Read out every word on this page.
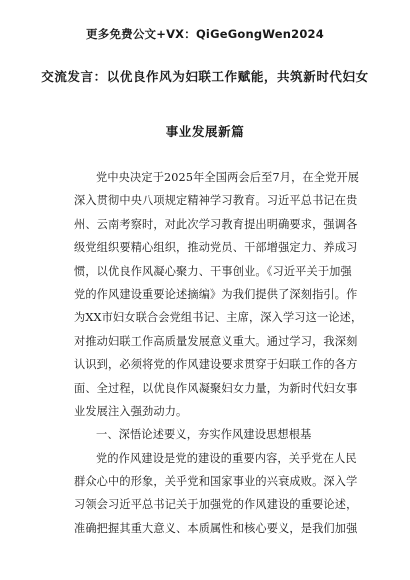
更多免费公文+VX：QiGeGongWen2024
交流发言：以优良作风为妇联工作赋能，共筑新时代妇女
事业发展新篇
党中央决定于2025年全国两会后至7月，在全党开展
深入贯彻中央八项规定精神学习教育。习近平总书记在贵
州、云南考察时，对此次学习教育提出明确要求，强调各
级党组织要精心组织，推动党员、干部增强定力、养成习
惯，以优良作风凝心聚力、干事创业。《习近平关于加强
党的作风建设重要论述摘编》为我们提供了深刻指引。作
为XX市妇女联合会党组书记、主席，深入学习这一论述，
对推动妇联工作高质量发展意义重大。通过学习，我深刻
认识到，必须将党的作风建设要求贯穿于妇联工作的各方
面、全过程，以优良作风凝聚妇女力量，为新时代妇女事
业发展注入强劲动力。
一、深悟论述要义，夯实作风建设思想根基
党的作风建设是党的建设的重要内容，关乎党在人民
群众心中的形象，关乎党和国家事业的兴衰成败。深入学
习领会习近平总书记关于加强党的作风建设的重要论述，
准确把握其重大意义、本质属性和核心要义，是我们加强
